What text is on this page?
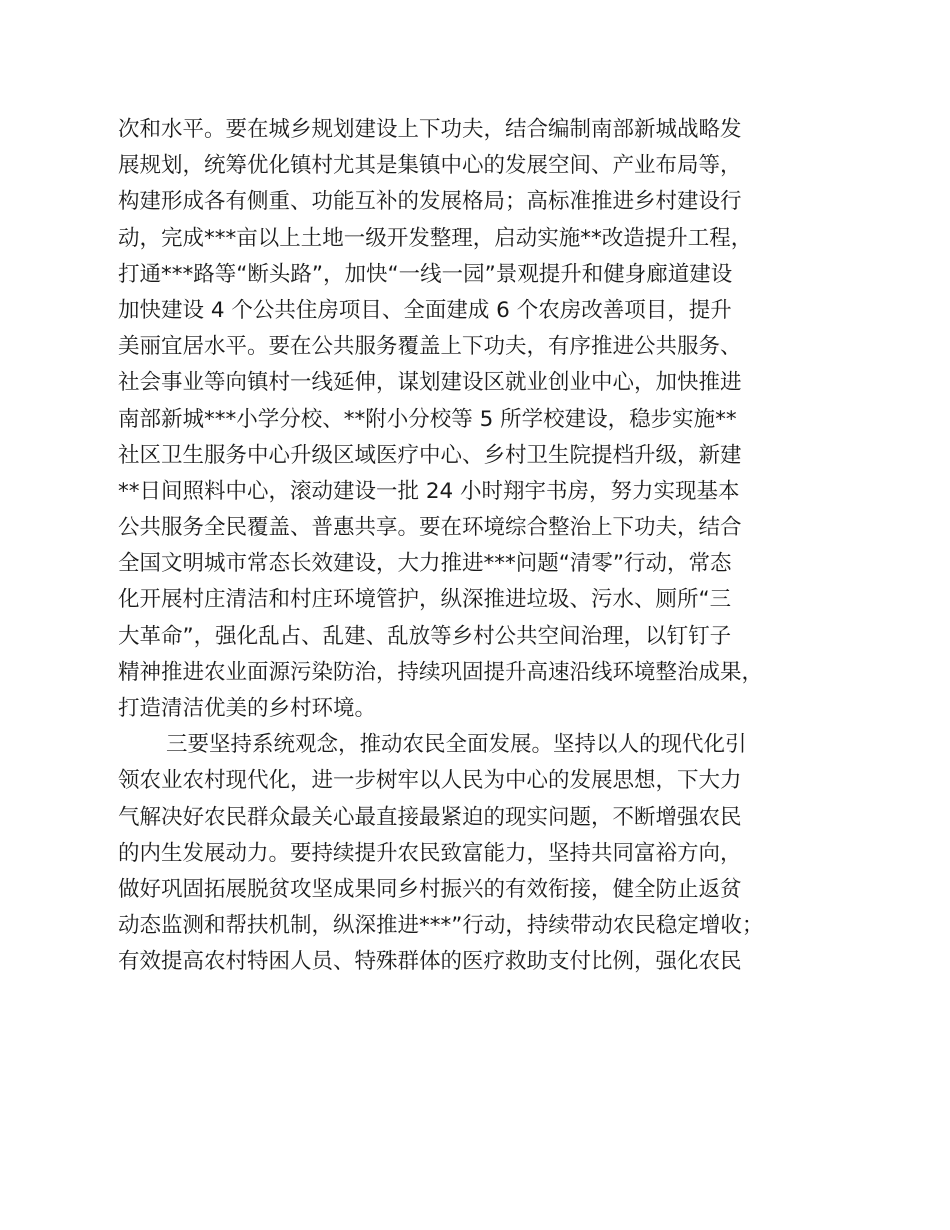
次和水平。要在城乡规划建设上下功夫，结合编制南部新城战略发
展规划，统筹优化镇村尤其是集镇中心的发展空间、产业布局等，
构建形成各有侧重、功能互补的发展格局；高标准推进乡村建设行
动，完成***亩以上土地一级开发整理，启动实施**改造提升工程，
打通***路等“断头路”，加快“一线一园”景观提升和健身廊道建设
加快建设 4 个公共住房项目、全面建成 6 个农房改善项目，提升
美丽宜居水平。要在公共服务覆盖上下功夫，有序推进公共服务、
社会事业等向镇村一线延伸，谋划建设区就业创业中心，加快推进
南部新城***小学分校、**附小分校等 5 所学校建设，稳步实施**
社区卫生服务中心升级区域医疗中心、乡村卫生院提档升级，新建
**日间照料中心，滚动建设一批 24 小时翔宇书房，努力实现基本
公共服务全民覆盖、普惠共享。要在环境综合整治上下功夫，结合
全国文明城市常态长效建设，大力推进***问题“清零”行动，常态
化开展村庄清洁和村庄环境管护，纵深推进垃圾、污水、厕所“三
大革命”，强化乱占、乱建、乱放等乡村公共空间治理，以钉钉子
精神推进农业面源污染防治，持续巩固提升高速沿线环境整治成果，
打造清洁优美的乡村环境。
三要坚持系统观念，推动农民全面发展。坚持以人的现代化引
领农业农村现代化，进一步树牢以人民为中心的发展思想，下大力
气解决好农民群众最关心最直接最紧迫的现实问题，不断增强农民
的内生发展动力。要持续提升农民致富能力，坚持共同富裕方向，
做好巩固拓展脱贫攻坚成果同乡村振兴的有效衔接，健全防止返贫
动态监测和帮扶机制，纵深推进***”行动，持续带动农民稳定增收；
有效提高农村特困人员、特殊群体的医疗救助支付比例，强化农民
